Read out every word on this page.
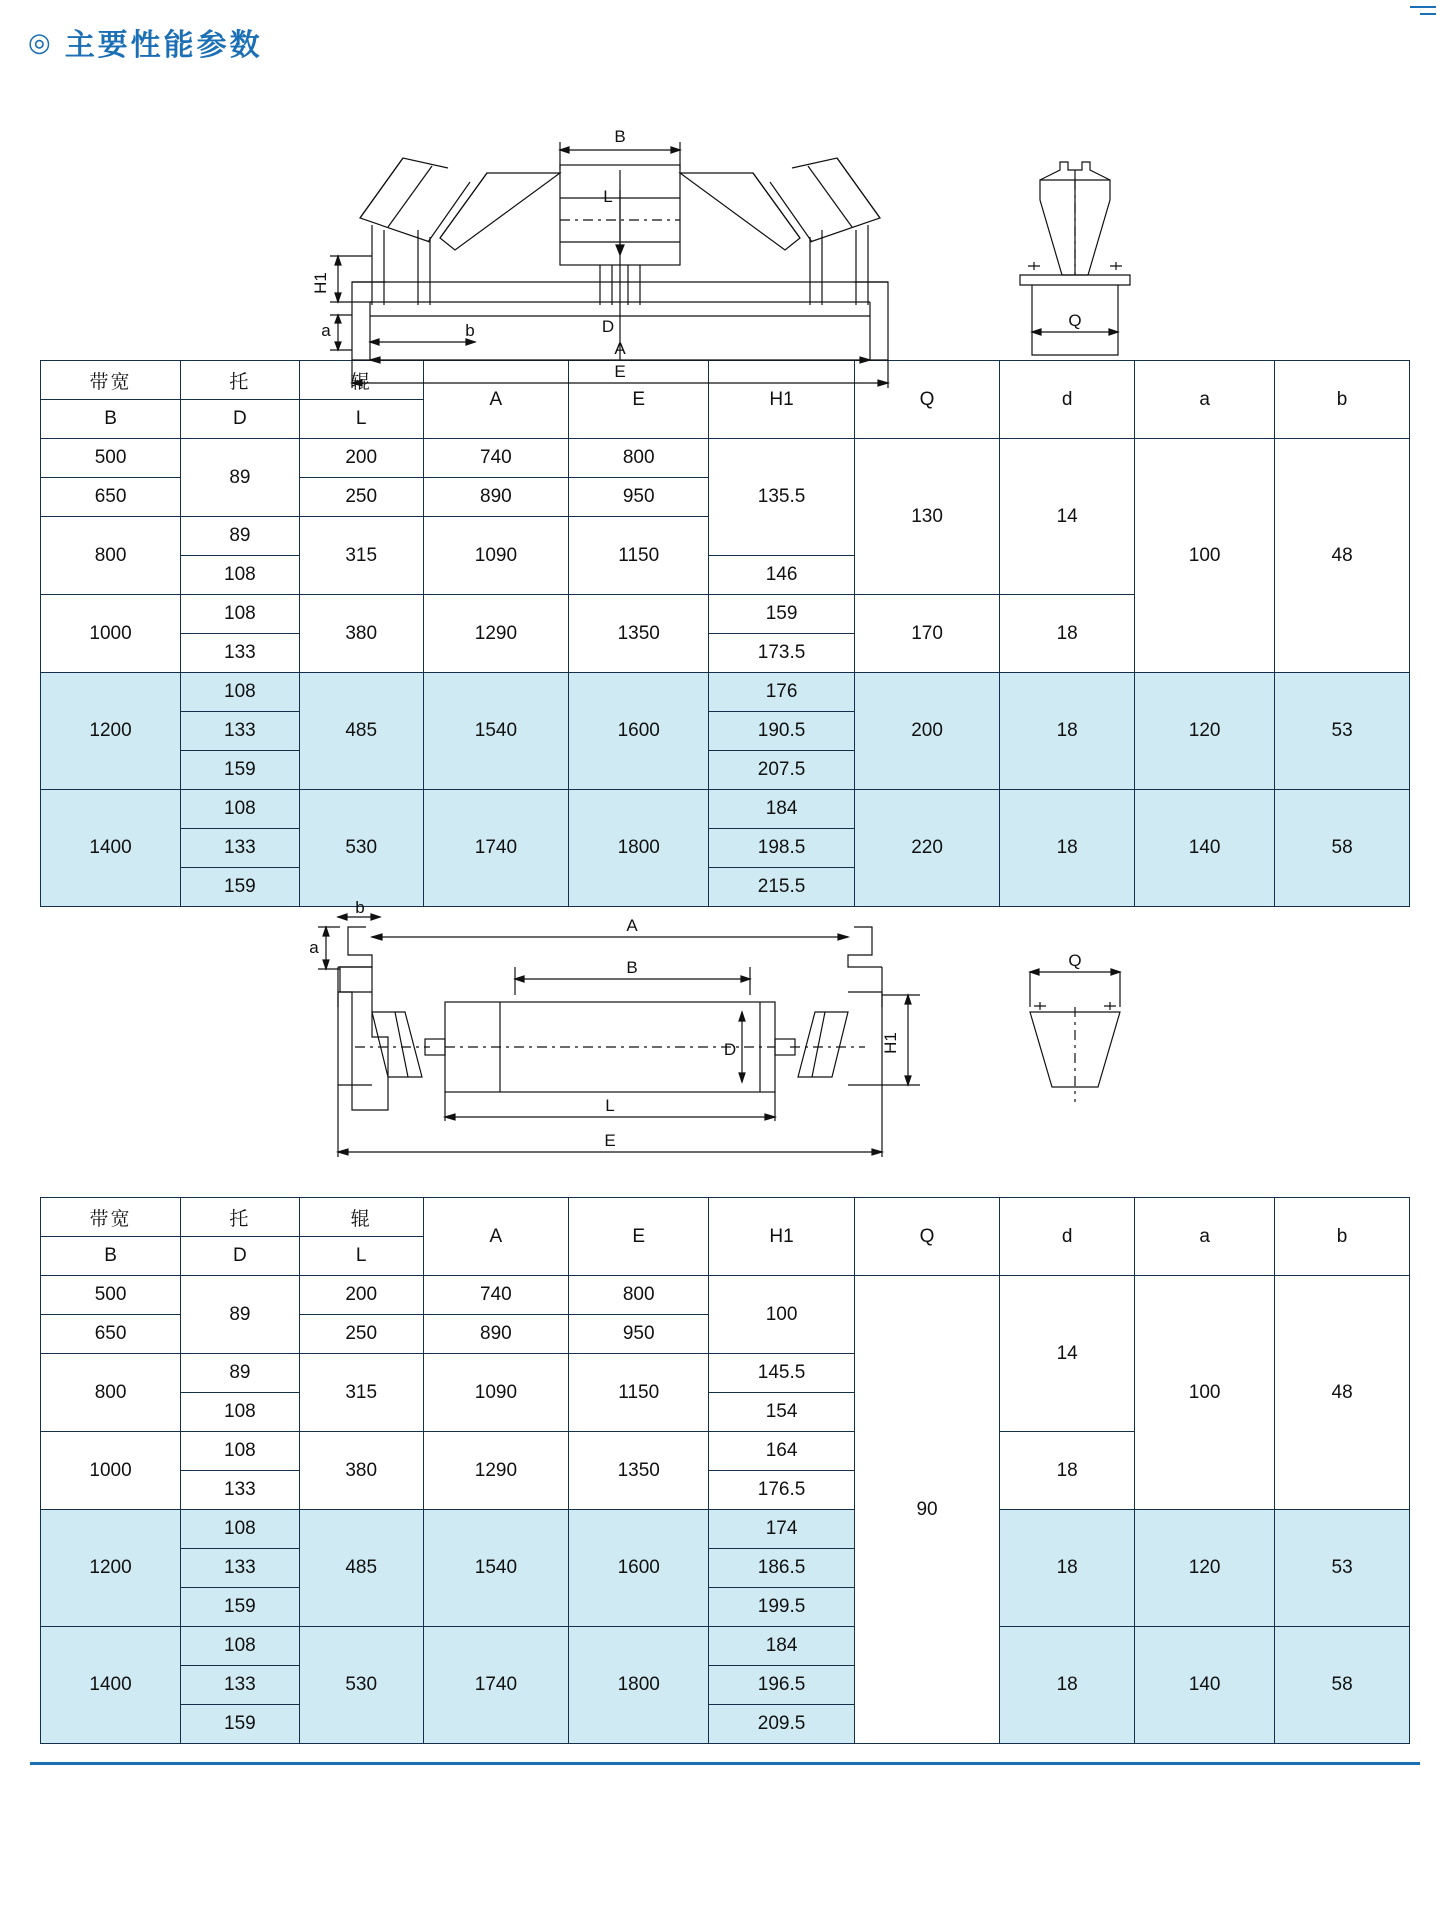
◎ 主要性能参数
B
L
D
H1
a	b
A
E
Q
带宽	托	辊	A	E	H1	Q	d	a	b
B	D	L							
500	89	200	740	800	135.5	130	14	100	48
650		250	890	950					
800	89	315	1090	1150					
	108				146				
1000	108	380	1290	1350	159	170	18		
	133				173.5				
1200	108	485	1540	1600	176	200	18	120	53
	133				190.5				
	159				207.5				
1400	108	530	1740	1800	184	220	18	140	58
	133				198.5				
	159				215.5				
B
A
b
a
D	H1
L
E
Q
带宽	托	辊	A	E	H1	Q	d	a	b
B	D	L							
500	89	200	740	800	100	90	14	100	48
650		250	890	950					
800	89	315	1090	1150	145.5				
	108				154				
1000	108	380	1290	1350	164		18		
	133				176.5				
1200	108	485	1540	1600	174		18	120	53
	133				186.5				
	159				199.5				
1400	108	530	1740	1800	184		18	140	58
	133				196.5				
	159				209.5				
